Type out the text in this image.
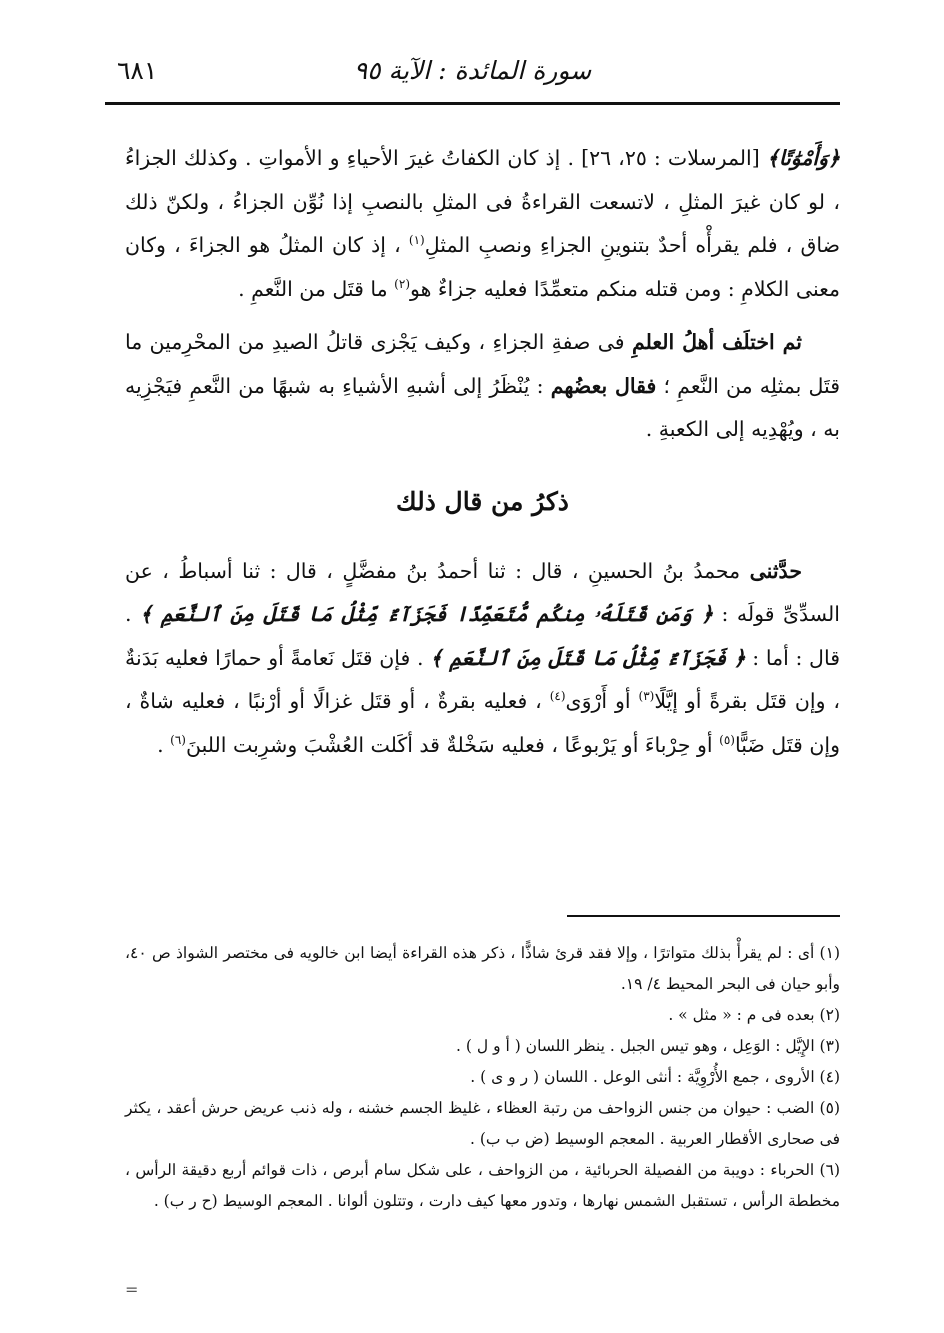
٦٨١	سورة المائدة : الآية ٩٥

﴿وَأَمْوَٰتًا﴾ [المرسلات : ٢٥، ٢٦] . إذ كان الكفاتُ غيرَ الأحياءِ و الأمواتِ . وكذلك الجزاءُ ، لو كان غيرَ المثلِ ، لاتسعت القراءةُ فى المثلِ بالنصبِ إذا نُوِّن الجزاءُ ، ولكنّ ذلك ضاق ، فلم يقرأْه أحدٌ بتنوينِ الجزاءِ ونصبِ المثلِ$^{(١)}$ ، إذ كان المثلُ هو الجزاءَ ، وكان معنى الكلامِ : ومن قتله منكم متعمِّدًا فعليه جزاءٌ هو$^{(٢)}$ ما قتَل من النَّعمِ .

ثم اختلَف أهلُ العلمِ فى صفةِ الجزاءِ ، وكيف يَجْزى قاتلُ الصيدِ من المحْرِمين ما قتَل بمثلِه من النَّعمِ ؛ فقال بعضُهم : يُنْظَرُ إلى أشبهِ الأشياءِ به شبهًا من النَّعمِ فيَجْزِيه به ، ويُهْدِيه إلى الكعبةِ .

ذكرُ من قال ذلك

حدَّثنى محمدُ بنُ الحسينِ ، قال : ثنا أحمدُ بنُ مفضَّلٍ ، قال : ثنا أسباطُ ، عن السدِّىِّ قولَه : ﴿ وَمَن قَتَلَهُۥ مِنكُم مُّتَعَمِّدًا فَجَزَآءٌ مِّثْلُ مَا قَتَلَ مِنَ ٱلنَّعَمِ ﴾ . قال : أما : ﴿ فَجَزَآءٌ مِّثْلُ مَا قَتَلَ مِنَ ٱلنَّعَمِ ﴾ . فإن قتَل نَعامةً أو حمارًا فعليه بَدَنةٌ ، وإن قتَل بقرةً أو إيَّلًا$^{(٣)}$ أو أَرْوَى$^{(٤)}$ ، فعليه بقرةٌ ، أو قتَل غزالًا أو أرْنبًا ، فعليه شاةٌ ، وإن قتَل ضَبًّا$^{(٥)}$ أو حِرْباءَ أو يَرْبوعًا ، فعليه سَخْلةٌ قد أكَلت العُشْبَ وشرِبت اللبنَ$^{(٦)}$ .

(١) أى : لم يقرأْ بذلك متواترًا ، وإلا فقد قرئ شاذًّا ، ذكر هذه القراءة أيضا ابن خالويه فى مختصر الشواذ ص ٤٠، وأبو حيان فى البحر المحيط ٤/ ١٩.

(٢) بعده فى م : « مثل » .

(٣) الإِيَّل : الوَعِل ، وهو تيس الجبل . ينظر اللسان ( أ و ل ) .

(٤) الأروى ، جمع الأُرْوِيَّة : أنثى الوعل . اللسان ( ر و ى ) .

(٥) الضب : حيوان من جنس الزواحف من رتبة العظاء ، غليظ الجسم خشنه ، وله ذنب عريض حرش أعقد ، يكثر فى صحارى الأقطار العربية . المعجم الوسيط (ض ب ب) .

(٦) الحرباء : دويبة من الفصيلة الحربائية ، من الزواحف ، على شكل سام أبرص ، ذات قوائم أربع دقيقة الرأس ، مخططة الرأس ، تستقبل الشمس نهارها ، وتدور معها كيف دارت ، وتتلون ألوانا . المعجم الوسيط (ح ر ب) .

=
